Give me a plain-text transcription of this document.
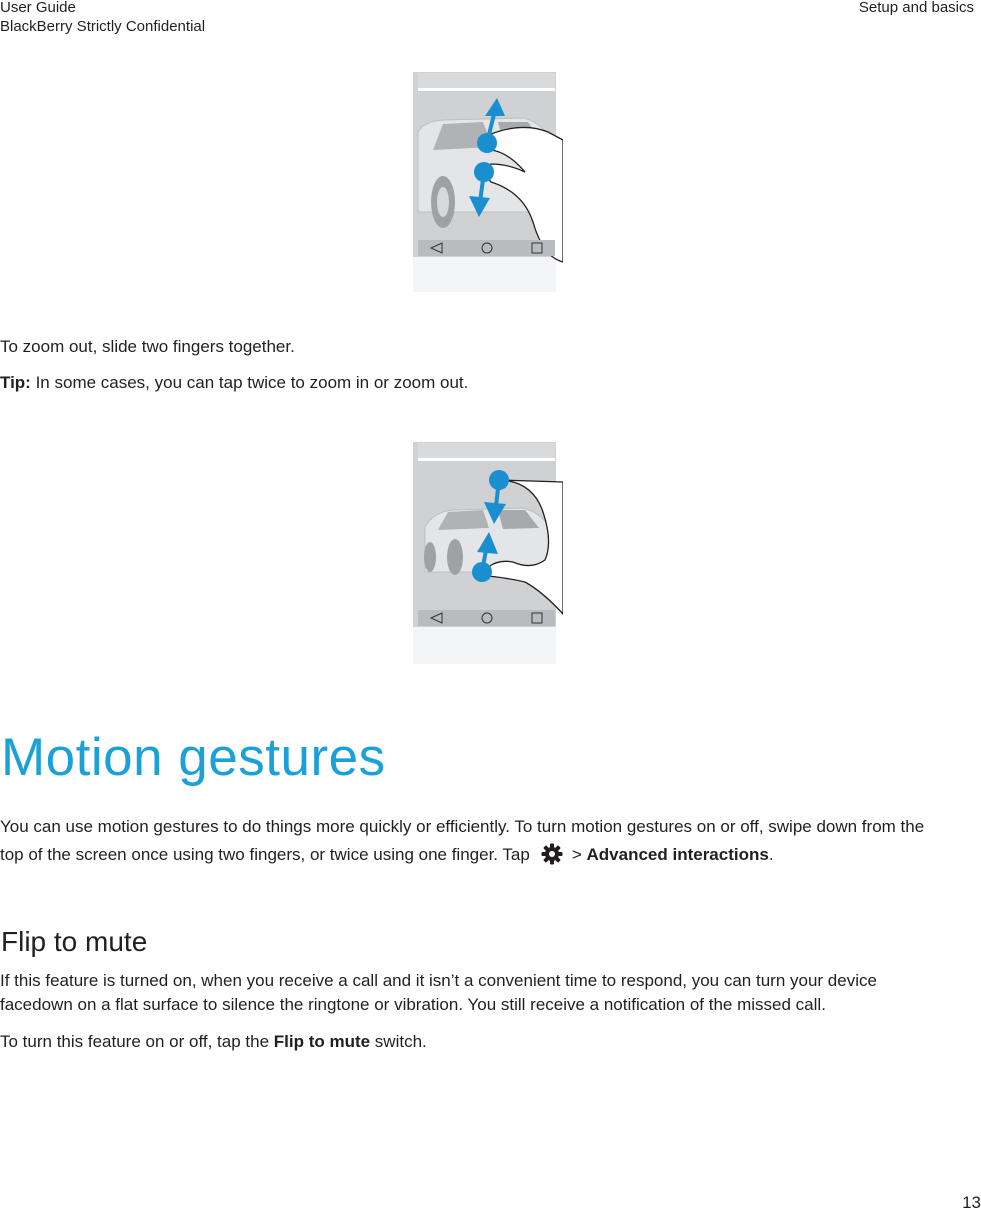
User Guide
BlackBerry Strictly Confidential
Setup and basics

To zoom out, slide two fingers together.

Tip: In some cases, you can tap twice to zoom in or zoom out.

Motion gestures

You can use motion gestures to do things more quickly or efficiently. To turn motion gestures on or off, swipe down from the

top of the screen once using two fingers, or twice using one finger. Tap > Advanced interactions.

Flip to mute

If this feature is turned on, when you receive a call and it isn’t a convenient time to respond, you can turn your device

facedown on a flat surface to silence the ringtone or vibration. You still receive a notification of the missed call.

To turn this feature on or off, tap the Flip to mute switch.

13
